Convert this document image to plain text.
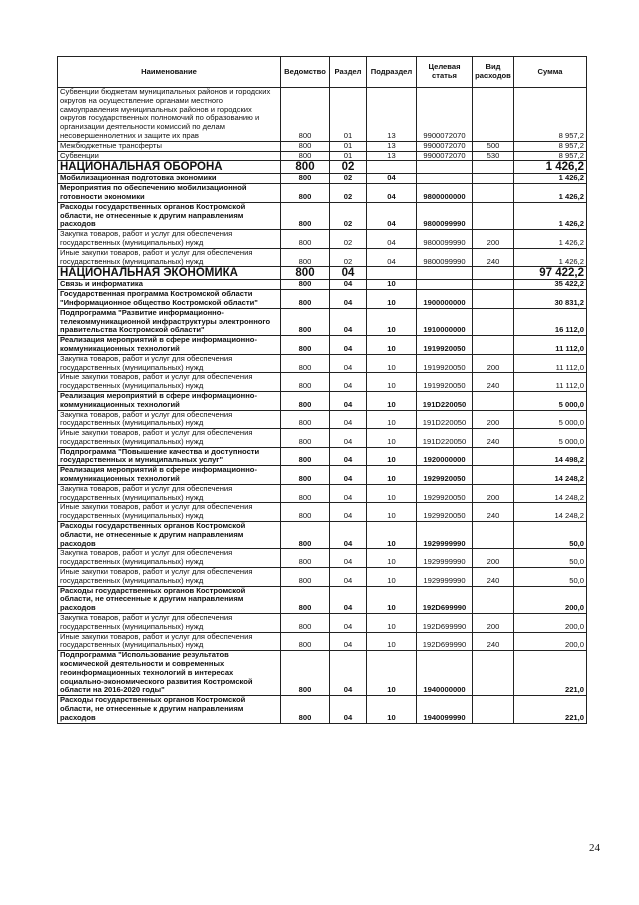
Наименование	Ведомство	Раздел	Подраздел	Целевая статья	Вид расходов	Сумма
Субвенции бюджетам муниципальных районов и городских округов на осуществление органами местного самоуправления муниципальных районов и городских округов государственных полномочий по образованию и организации деятельности комиссий по делам несовершеннолетних и защите их прав	800	01	13	9900072070		8 957,2
Межбюджетные трансферты	800	01	13	9900072070	500	8 957,2
Субвенции	800	01	13	9900072070	530	8 957,2
НАЦИОНАЛЬНАЯ ОБОРОНА	800	02				1 426,2
Мобилизационная подготовка экономики	800	02	04			1 426,2
Мероприятия по обеспечению мобилизационной готовности экономики	800	02	04	9800000000		1 426,2
Расходы государственных органов Костромской области, не отнесенные к другим направлениям расходов	800	02	04	9800099990		1 426,2
Закупка товаров, работ и услуг для обеспечения государственных (муниципальных) нужд	800	02	04	9800099990	200	1 426,2
Иные закупки товаров, работ и услуг для обеспечения государственных (муниципальных) нужд	800	02	04	9800099990	240	1 426,2
НАЦИОНАЛЬНАЯ ЭКОНОМИКА	800	04				97 422,2
Связь и информатика	800	04	10			35 422,2
Государственная программа Костромской области "Информационное общество Костромской области"	800	04	10	1900000000		30 831,2
Подпрограмма "Развитие информационно-телекоммуникационной инфраструктуры электронного правительства Костромской области"	800	04	10	1910000000		16 112,0
Реализация мероприятий в сфере информационно-коммуникационных технологий	800	04	10	1919920050		11 112,0
Закупка товаров, работ и услуг для обеспечения государственных (муниципальных) нужд	800	04	10	1919920050	200	11 112,0
Иные закупки товаров, работ и услуг для обеспечения государственных (муниципальных) нужд	800	04	10	1919920050	240	11 112,0
Реализация мероприятий в сфере информационно-коммуникационных технологий	800	04	10	191D220050		5 000,0
Закупка товаров, работ и услуг для обеспечения государственных (муниципальных) нужд	800	04	10	191D220050	200	5 000,0
Иные закупки товаров, работ и услуг для обеспечения государственных (муниципальных) нужд	800	04	10	191D220050	240	5 000,0
Подпрограмма "Повышение качества и доступности государственных и муниципальных услуг"	800	04	10	1920000000		14 498,2
Реализация мероприятий в сфере информационно-коммуникационных технологий	800	04	10	1929920050		14 248,2
Закупка товаров, работ и услуг для обеспечения государственных (муниципальных) нужд	800	04	10	1929920050	200	14 248,2
Иные закупки товаров, работ и услуг для обеспечения государственных (муниципальных) нужд	800	04	10	1929920050	240	14 248,2
Расходы государственных органов Костромской области, не отнесенные к другим направлениям расходов	800	04	10	1929999990		50,0
Закупка товаров, работ и услуг для обеспечения государственных (муниципальных) нужд	800	04	10	1929999990	200	50,0
Иные закупки товаров, работ и услуг для обеспечения государственных (муниципальных) нужд	800	04	10	1929999990	240	50,0
Расходы государственных органов Костромской области, не отнесенные к другим направлениям расходов	800	04	10	192D699990		200,0
Закупка товаров, работ и услуг для обеспечения государственных (муниципальных) нужд	800	04	10	192D699990	200	200,0
Иные закупки товаров, работ и услуг для обеспечения государственных (муниципальных) нужд	800	04	10	192D699990	240	200,0
Подпрограмма "Использование результатов космической деятельности и современных геоинформационных технологий в интересах социально-экономического развития Костромской области на 2016-2020 годы"	800	04	10	1940000000		221,0
Расходы государственных органов Костромской области, не отнесенные к другим направлениям расходов	800	04	10	1940099990		221,0
24
